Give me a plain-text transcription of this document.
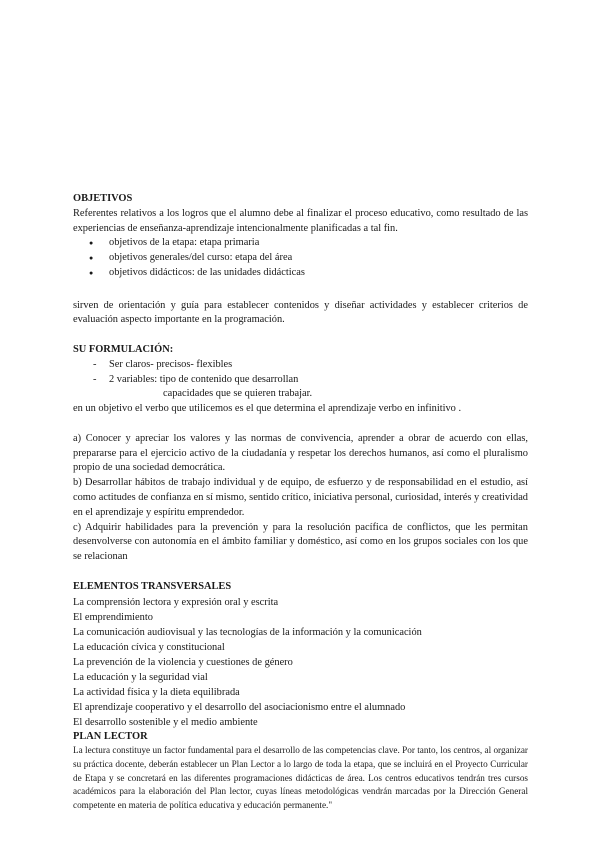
OBJETIVOS

Referentes relativos a los logros que el alumno debe al finalizar el proceso educativo, como resultado de las experiencias de enseñanza-aprendizaje intencionalmente planificadas a tal fin.

● objetivos de la etapa: etapa primaria
● objetivos generales/del curso: etapa del área
● objetivos didácticos: de las unidades didácticas

sirven de orientación y guía para establecer contenidos y diseñar actividades y establecer criterios de evaluación aspecto importante en la programación.

SU FORMULACIÓN:

- Ser claros- precisos- flexibles
- 2 variables: tipo de contenido que desarrollan
capacidades que se quieren trabajar.

en un objetivo el verbo que utilicemos es el que determina el aprendizaje verbo en infinitivo .

a) Conocer y apreciar los valores y las normas de convivencia, aprender a obrar de acuerdo con ellas, prepararse para el ejercicio activo de la ciudadanía y respetar los derechos humanos, así como el pluralismo propio de una sociedad democrática.

b) Desarrollar hábitos de trabajo individual y de equipo, de esfuerzo y de responsabilidad en el estudio, así como actitudes de confianza en sí mismo, sentido crítico, iniciativa personal, curiosidad, interés y creatividad en el aprendizaje y espíritu emprendedor.

c) Adquirir habilidades para la prevención y para la resolución pacífica de conflictos, que les permitan desenvolverse con autonomía en el ámbito familiar y doméstico, así como en los grupos sociales con los que se relacionan

ELEMENTOS TRANSVERSALES

La comprensión lectora y expresión oral y escrita

El emprendimiento

La comunicación audiovisual y las tecnologías de la información y la comunicación

La educación cívica y constitucional

La prevención de la violencia y cuestiones de género

La educación y la seguridad vial

La actividad física y la dieta equilibrada

El aprendizaje cooperativo y el desarrollo del asociacionismo entre el alumnado

El desarrollo sostenible y el medio ambiente

PLAN LECTOR

La lectura constituye un factor fundamental para el desarrollo de las competencias clave. Por tanto, los centros, al organizar su práctica docente, deberán establecer un Plan Lector a lo largo de toda la etapa, que se incluirá en el Proyecto Curricular de Etapa y se concretará en las diferentes programaciones didácticas de área. Los centros educativos tendrán tres cursos académicos para la elaboración del Plan lector, cuyas líneas metodológicas vendrán marcadas por la Dirección General competente en materia de política educativa y educación permanente."
